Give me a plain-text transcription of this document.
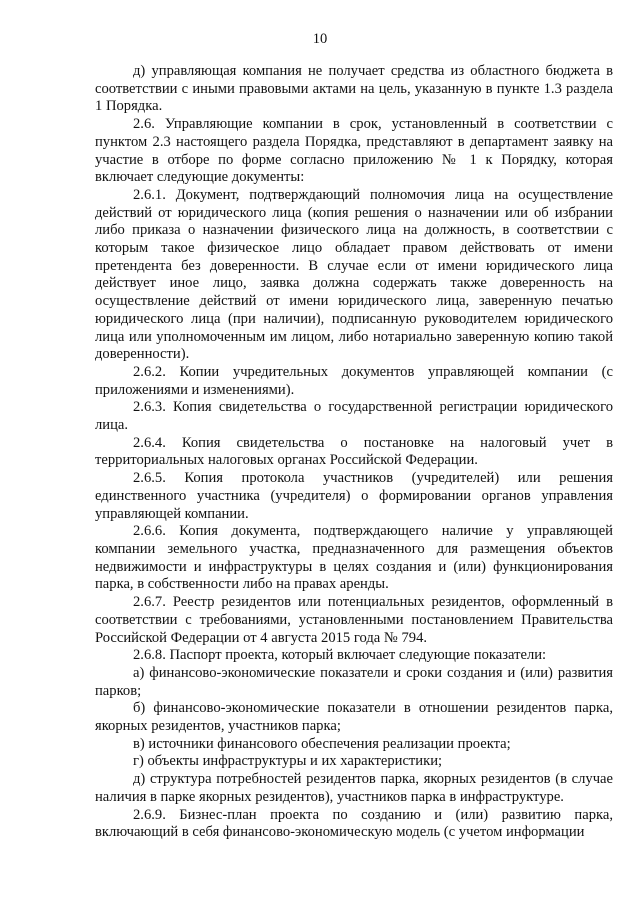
10

д) управляющая компания не получает средства из областного бюджета в соответствии с иными правовыми актами на цель, указанную в пункте 1.3 раздела 1 Порядка.

2.6. Управляющие компании в срок, установленный в соответствии с пунктом 2.3 настоящего раздела Порядка, представляют в департамент заявку на участие в отборе по форме согласно приложению № 1 к Порядку, которая включает следующие документы:

2.6.1. Документ, подтверждающий полномочия лица на осуществление действий от юридического лица (копия решения о назначении или об избрании либо приказа о назначении физического лица на должность, в соответствии с которым такое физическое лицо обладает правом действовать от имени претендента без доверенности. В случае если от имени юридического лица действует иное лицо, заявка должна содержать также доверенность на осуществление действий от имени юридического лица, заверенную печатью юридического лица (при наличии), подписанную руководителем юридического лица или уполномоченным им лицом, либо нотариально заверенную копию такой доверенности).

2.6.2. Копии учредительных документов управляющей компании (с приложениями и изменениями).

2.6.3. Копия свидетельства о государственной регистрации юридического лица.

2.6.4. Копия свидетельства о постановке на налоговый учет в территориальных налоговых органах Российской Федерации.

2.6.5. Копия протокола участников (учредителей) или решения единственного участника (учредителя) о формировании органов управления управляющей компании.

2.6.6. Копия документа, подтверждающего наличие у управляющей компании земельного участка, предназначенного для размещения объектов недвижимости и инфраструктуры в целях создания и (или) функционирования парка, в собственности либо на правах аренды.

2.6.7. Реестр резидентов или потенциальных резидентов, оформленный в соответствии с требованиями, установленными постановлением Правительства Российской Федерации от 4 августа 2015 года № 794.

2.6.8. Паспорт проекта, который включает следующие показатели:

а) финансово-экономические показатели и сроки создания и (или) развития парков;

б) финансово-экономические показатели в отношении резидентов парка, якорных резидентов, участников парка;

в) источники финансового обеспечения реализации проекта;

г) объекты инфраструктуры и их характеристики;

д) структура потребностей резидентов парка, якорных резидентов (в случае наличия в парке якорных резидентов), участников парка в инфраструктуре.

2.6.9. Бизнес-план проекта по созданию и (или) развитию парка, включающий в себя финансово-экономическую модель (с учетом информации
